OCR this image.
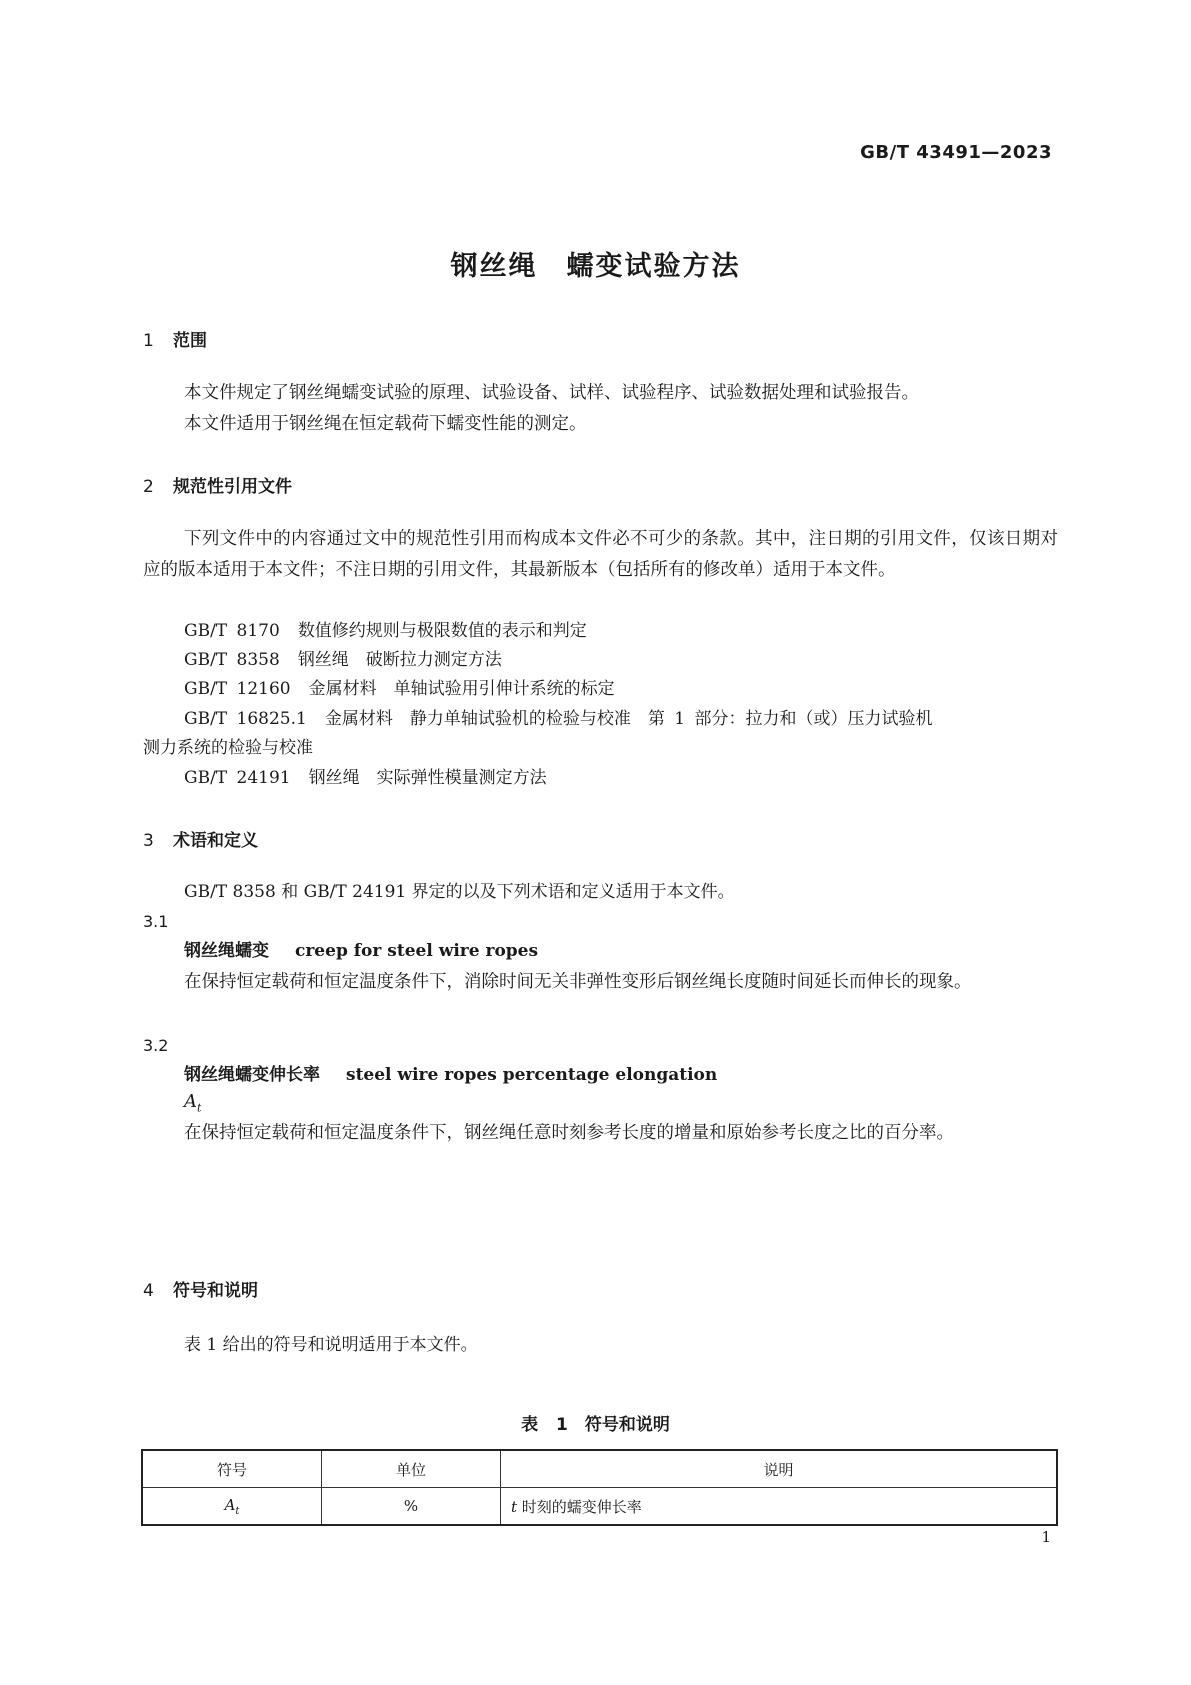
GB/T 43491—2023
钢丝绳　蠕变试验方法
1 范围
本文件规定了钢丝绳蠕变试验的原理、试验设备、试样、试验程序、试验数据处理和试验报告。
本文件适用于钢丝绳在恒定载荷下蠕变性能的测定。
2 规范性引用文件
下列文件中的内容通过文中的规范性引用而构成本文件必不可少的条款。其中，注日期的引用文件，仅该日期对应的版本适用于本文件；不注日期的引用文件，其最新版本（包括所有的修改单）适用于本文件。
GB/T 8170 数值修约规则与极限数值的表示和判定
GB/T 8358 钢丝绳　破断拉力测定方法
GB/T 12160 金属材料　单轴试验用引伸计系统的标定
GB/T 16825.1 金属材料　静力单轴试验机的检验与校准　第 1 部分：拉力和（或）压力试验机
测力系统的检验与校准
GB/T 24191 钢丝绳　实际弹性模量测定方法
3 术语和定义
GB/T 8358 和 GB/T 24191 界定的以及下列术语和定义适用于本文件。
3.1
钢丝绳蠕变 creep for steel wire ropes
在保持恒定载荷和恒定温度条件下，消除时间无关非弹性变形后钢丝绳长度随时间延长而伸长的现象。
3.2
钢丝绳蠕变伸长率 steel wire ropes percentage elongation
$A_t$
在保持恒定载荷和恒定温度条件下，钢丝绳任意时刻参考长度的增量和原始参考长度之比的百分率。
4 符号和说明
表 1 给出的符号和说明适用于本文件。
表 1　符号和说明
符号	单位	说明
$A_t$	%	t 时刻的蠕变伸长率
1
